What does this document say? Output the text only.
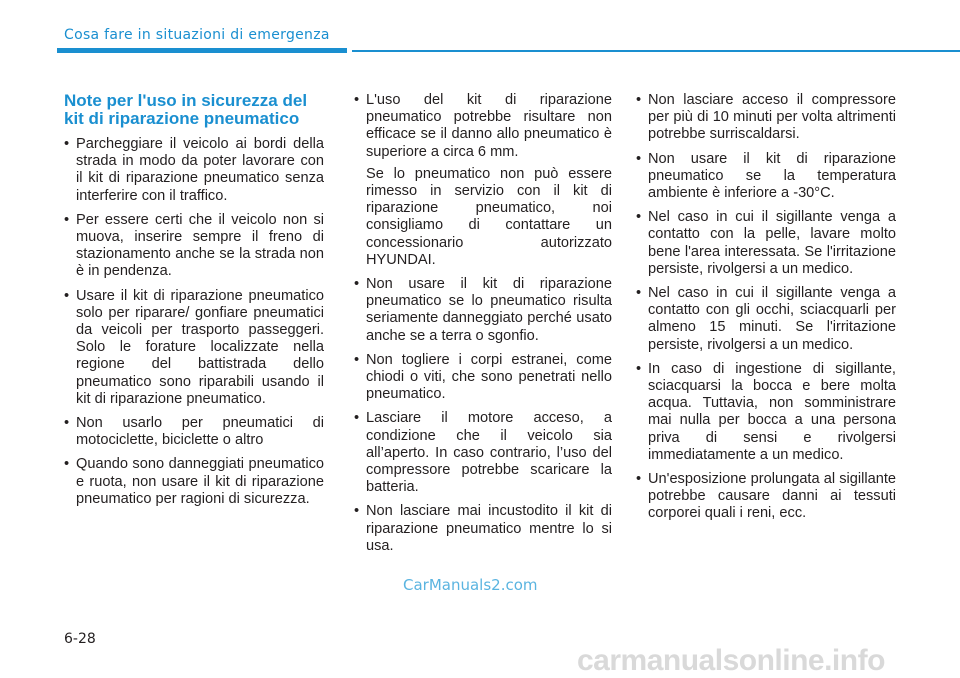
Cosa fare in situazioni di emergenza
Note per l'uso in sicurezza del kit di riparazione pneumatico
• Parcheggiare il veicolo ai bordi della strada in modo da poter lavorare con il kit di riparazione pneumatico senza interferire con il traffico.
• Per essere certi che il veicolo non si muova, inserire sempre il freno di stazionamento anche se la strada non è in pendenza.
• Usare il kit di riparazione pneumatico solo per riparare/ gonfiare pneumatici da veicoli per trasporto passeggeri. Solo le forature localizzate nella regione del battistrada dello pneumatico sono riparabili usando il kit di riparazione pneumatico.
• Non usarlo per pneumatici di motociclette, biciclette o altro
• Quando sono danneggiati pneumatico e ruota, non usare il kit di riparazione pneumatico per ragioni di sicurezza.
• L'uso del kit di riparazione pneumatico potrebbe risultare non efficace se il danno allo pneumatico è superiore a circa 6 mm.
Se lo pneumatico non può essere rimesso in servizio con il kit di riparazione pneumatico, noi consigliamo di contattare un concessionario autorizzato HYUNDAI.
• Non usare il kit di riparazione pneumatico se lo pneumatico risulta seriamente danneggiato perché usato anche se a terra o sgonfio.
• Non togliere i corpi estranei, come chiodi o viti, che sono penetrati nello pneumatico.
• Lasciare il motore acceso, a condizione che il veicolo sia all’aperto. In caso contrario, l’uso del compressore potrebbe scaricare la batteria.
• Non lasciare mai incustodito il kit di riparazione pneumatico mentre lo si usa.
• Non lasciare acceso il compressore per più di 10 minuti per volta altrimenti potrebbe surriscaldarsi.
• Non usare il kit di riparazione pneumatico se la temperatura ambiente è inferiore a -30°C.
• Nel caso in cui il sigillante venga a contatto con la pelle, lavare molto bene l'area interessata. Se l'irritazione persiste, rivolgersi a un medico.
• Nel caso in cui il sigillante venga a contatto con gli occhi, sciacquarli per almeno 15 minuti. Se l'irritazione persiste, rivolgersi a un medico.
• In caso di ingestione di sigillante, sciacquarsi la bocca e bere molta acqua. Tuttavia, non somministrare mai nulla per bocca a una persona priva di sensi e rivolgersi immediatamente a un medico.
• Un'esposizione prolungata al sigillante potrebbe causare danni ai tessuti corporei quali i reni, ecc.
CarManuals2.com
6-28
carmanualsonline.info
